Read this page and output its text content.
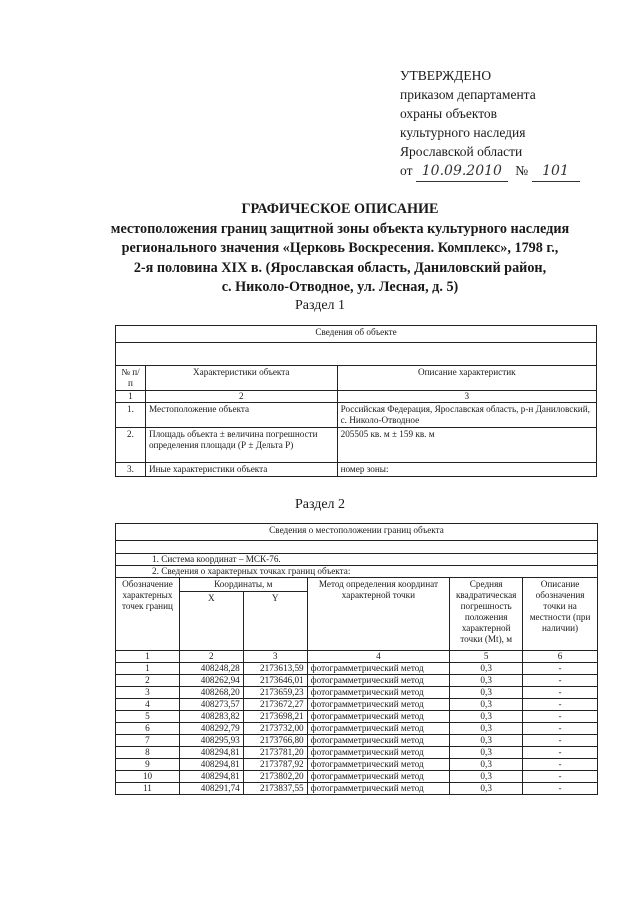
УТВЕРЖДЕНО
приказом департамента
охраны объектов
культурного наследия
Ярославской области
от 10.09.2010 № 101
ГРАФИЧЕСКОЕ ОПИСАНИЕ
местоположения границ защитной зоны объекта культурного наследия
регионального значения «Церковь Воскресения. Комплекс», 1798 г.,
2-я половина XIX в. (Ярославская область, Даниловский район,
с. Николо-Отводное, ул. Лесная, д. 5)
Раздел 1
Сведения об объекте		

№ п/п	Характеристики объекта	Описание характеристик
1	2	3
1.	Местоположение объекта	Российская Федерация, Ярославская область, р-н Даниловский, с. Николо-Отводное
2.	Площадь объекта ± величина погрешности определения площади (Р ± Дельта Р)	205505 кв. м ± 159 кв. м
3.	Иные характеристики объекта	номер зоны:
Раздел 2
Сведения о местоположении границ объекта					

1. Система координат – МСК-76.					
2. Сведения о характерных точках границ объекта:					
Обозначение характерных точек границ	Координаты, м		Метод определения координат характерной точки	Средняя квадратическая погрешность положения характерной точки (Мt), м	Описание обозначения точки на местности (при наличии)
	X	Y			
1	2	3	4	5	6
1	408248,28	2173613,59	фотограмметрический метод	0,3	-
2	408262,94	2173646,01	фотограмметрический метод	0,3	-
3	408268,20	2173659,23	фотограмметрический метод	0,3	-
4	408273,57	2173672,27	фотограмметрический метод	0,3	-
5	408283,82	2173698,21	фотограмметрический метод	0,3	-
6	408292,79	2173732,00	фотограмметрический метод	0,3	-
7	408295,93	2173766,80	фотограмметрический метод	0,3	-
8	408294,81	2173781,20	фотограмметрический метод	0,3	-
9	408294,81	2173787,92	фотограмметрический метод	0,3	-
10	408294,81	2173802,20	фотограмметрический метод	0,3	-
11	408291,74	2173837,55	фотограмметрический метод	0,3	-
